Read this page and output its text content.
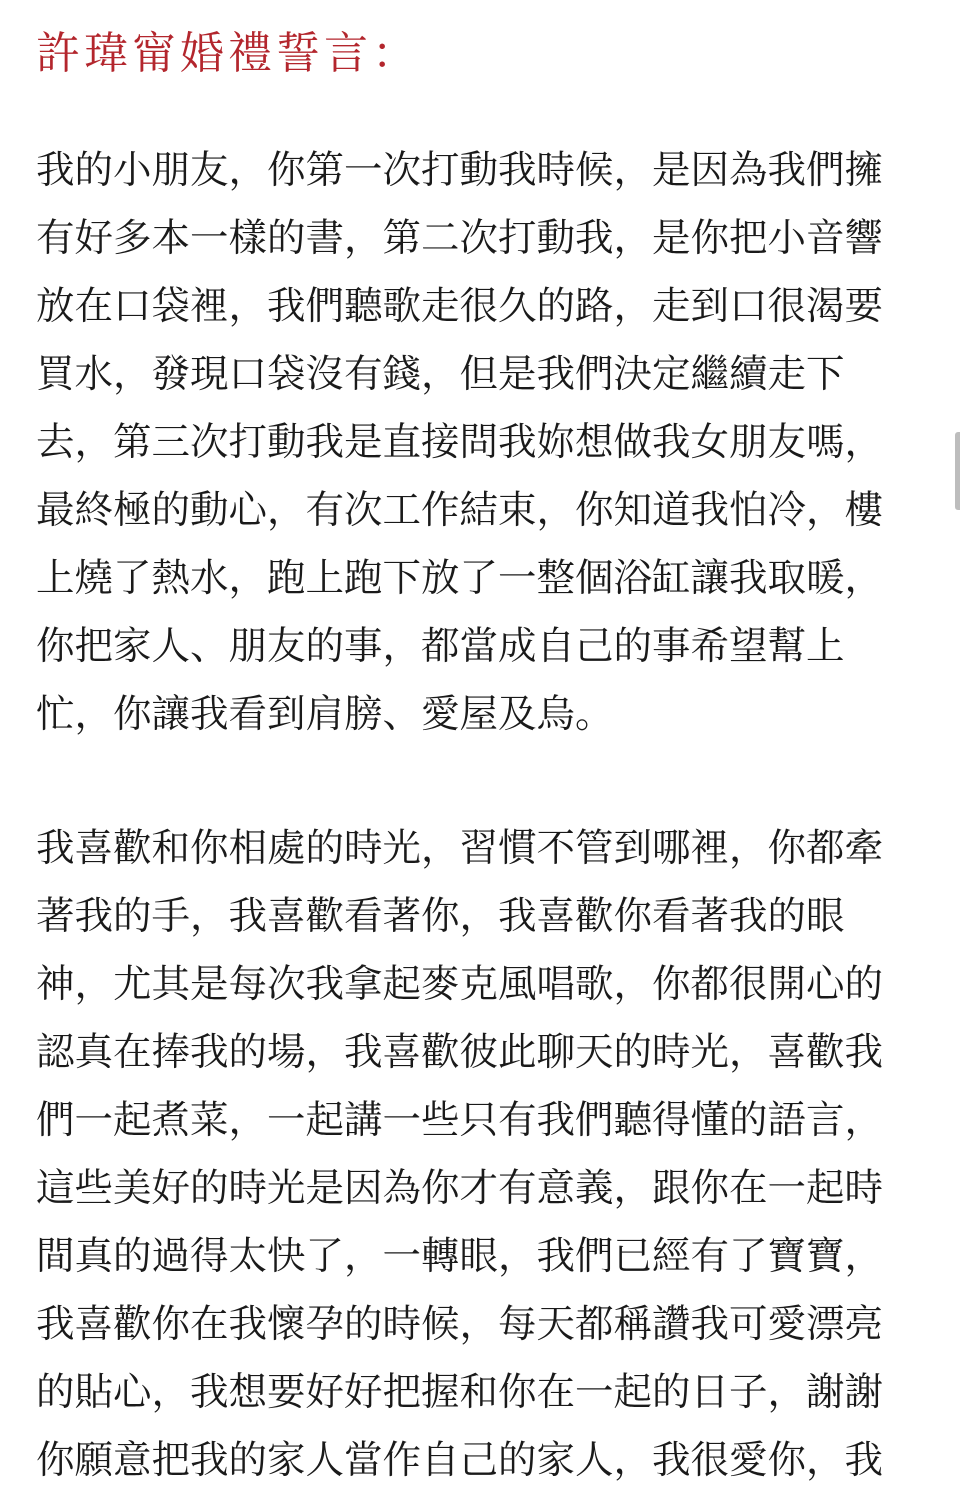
許瑋甯婚禮誓言：
我的小朋友，你第一次打動我時候，是因為我們擁
有好多本一樣的書，第二次打動我，是你把小音響
放在口袋裡，我們聽歌走很久的路，走到口很渴要
買水，發現口袋沒有錢，但是我們決定繼續走下
去，第三次打動我是直接問我妳想做我女朋友嗎，
最終極的動心，有次工作結束，你知道我怕冷，樓
上燒了熱水，跑上跑下放了一整個浴缸讓我取暖，
你把家人、朋友的事，都當成自己的事希望幫上
忙，你讓我看到肩膀、愛屋及烏。
我喜歡和你相處的時光，習慣不管到哪裡，你都牽
著我的手，我喜歡看著你，我喜歡你看著我的眼
神，尤其是每次我拿起麥克風唱歌，你都很開心的
認真在捧我的場，我喜歡彼此聊天的時光，喜歡我
們一起煮菜，一起講一些只有我們聽得懂的語言，
這些美好的時光是因為你才有意義，跟你在一起時
間真的過得太快了，一轉眼，我們已經有了寶寶，
我喜歡你在我懷孕的時候，每天都稱讚我可愛漂亮
的貼心，我想要好好把握和你在一起的日子，謝謝
你願意把我的家人當作自己的家人，我很愛你，我
